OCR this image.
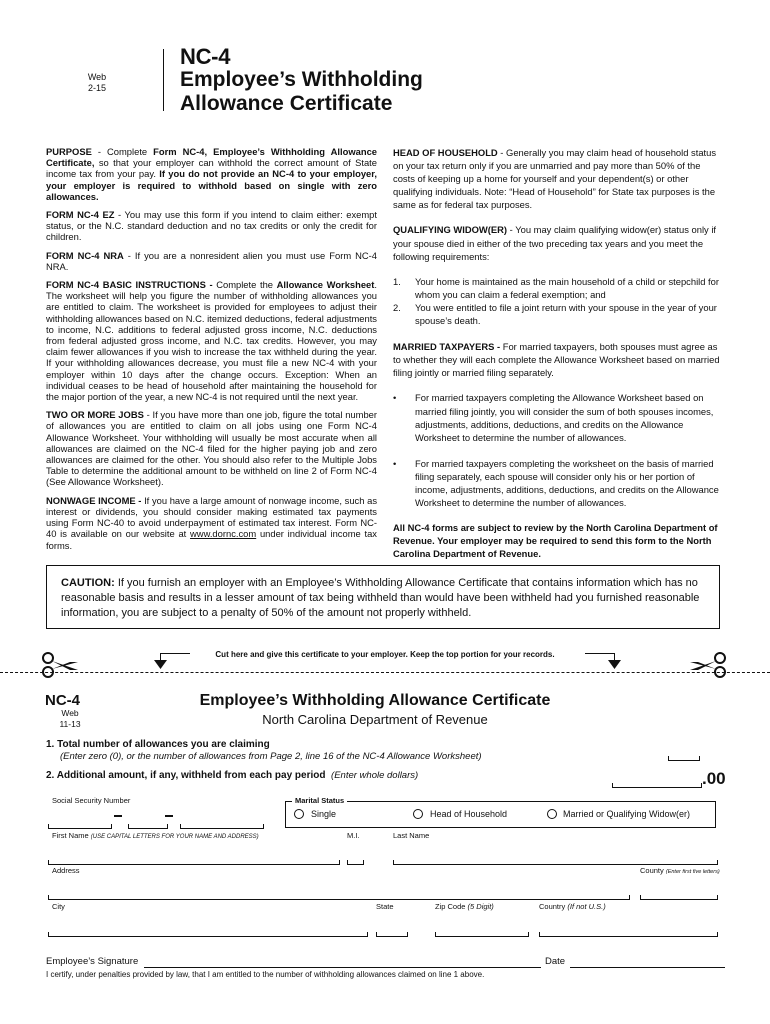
Web
2-15
NC-4
Employee’s Withholding
Allowance Certificate

PURPOSE - Complete Form NC-4, Employee’s Withholding Allowance Certificate, so that your employer can withhold the correct amount of State income tax from your pay. If you do not provide an NC-4 to your employer, your employer is required to withhold based on single with zero allowances.

FORM NC-4 EZ - You may use this form if you intend to claim either: exempt status, or the N.C. standard deduction and no tax credits or only the credit for children.

FORM NC-4 NRA - If you are a nonresident alien you must use Form NC-4 NRA.

FORM NC-4 BASIC INSTRUCTIONS - Complete the Allowance Worksheet. The worksheet will help you figure the number of withholding allowances you are entitled to claim. The worksheet is provided for employees to adjust their withholding allowances based on N.C. itemized deductions, federal adjustments to income, N.C. additions to federal adjusted gross income, N.C. deductions from federal adjusted gross income, and N.C. tax credits. However, you may claim fewer allowances if you wish to increase the tax withheld during the year. If your withholding allowances decrease, you must file a new NC-4 with your employer within 10 days after the change occurs. Exception: When an individual ceases to be head of household after maintaining the household for the major portion of the year, a new NC-4 is not required until the next year.

TWO OR MORE JOBS - If you have more than one job, figure the total number of allowances you are entitled to claim on all jobs using one Form NC-4 Allowance Worksheet. Your withholding will usually be most accurate when all allowances are claimed on the NC-4 filed for the higher paying job and zero allowances are claimed for the other. You should also refer to the Multiple Jobs Table to determine the additional amount to be withheld on line 2 of Form NC-4 (See Allowance Worksheet).

NONWAGE INCOME - If you have a large amount of nonwage income, such as interest or dividends, you should consider making estimated tax payments using Form NC-40 to avoid underpayment of estimated tax interest. Form NC-40 is available on our website at www.dornc.com under individual income tax forms.

HEAD OF HOUSEHOLD - Generally you may claim head of household status on your tax return only if you are unmarried and pay more than 50% of the costs of keeping up a home for yourself and your dependent(s) or other qualifying individuals. Note: “Head of Household” for State tax purposes is the same as for federal tax purposes.

QUALIFYING WIDOW(ER) - You may claim qualifying widow(er) status only if your spouse died in either of the two preceding tax years and you meet the following requirements:

1. Your home is maintained as the main household of a child or stepchild for whom you can claim a federal exemption; and
2. You were entitled to file a joint return with your spouse in the year of your spouse’s death.

MARRIED TAXPAYERS - For married taxpayers, both spouses must agree as to whether they will each complete the Allowance Worksheet based on married filing jointly or married filing separately.

• For married taxpayers completing the Allowance Worksheet based on married filing jointly, you will consider the sum of both spouses incomes, adjustments, additions, deductions, and credits on the Allowance Worksheet to determine the number of allowances.
• For married taxpayers completing the worksheet on the basis of married filing separately, each spouse will consider only his or her portion of income, adjustments, additions, deductions, and credits on the Allowance Worksheet to determine the number of allowances.

All NC-4 forms are subject to review by the North Carolina Department of Revenue. Your employer may be required to send this form to the North Carolina Department of Revenue.

CAUTION: If you furnish an employer with an Employee’s Withholding Allowance Certificate that contains information which has no reasonable basis and results in a lesser amount of tax being withheld than would have been withheld had you furnished reasonable information, you are subject to a penalty of 50% of the amount not properly withheld.
Cut here and give this certificate to your employer. Keep the top portion for your records.
NC-4
Web
11-13
Employee’s Withholding Allowance Certificate
North Carolina Department of Revenue
1. Total number of allowances you are claiming
(Enter zero (0), or the number of allowances from Page 2, line 16 of the NC-4 Allowance Worksheet)
2. Additional amount, if any, withheld from each pay period (Enter whole dollars)	.00
Social Security Number	Marital Status
Single	Head of Household	Married or Qualifying Widow(er)
First Name (USE CAPITAL LETTERS FOR YOUR NAME AND ADDRESS)	M.I.	Last Name
Address	County (Enter first five letters)
City	State	Zip Code (5 Digit)	Country (If not U.S.)
Employee’s Signature	Date
I certify, under penalties provided by law, that I am entitled to the number of withholding allowances claimed on line 1 above.
